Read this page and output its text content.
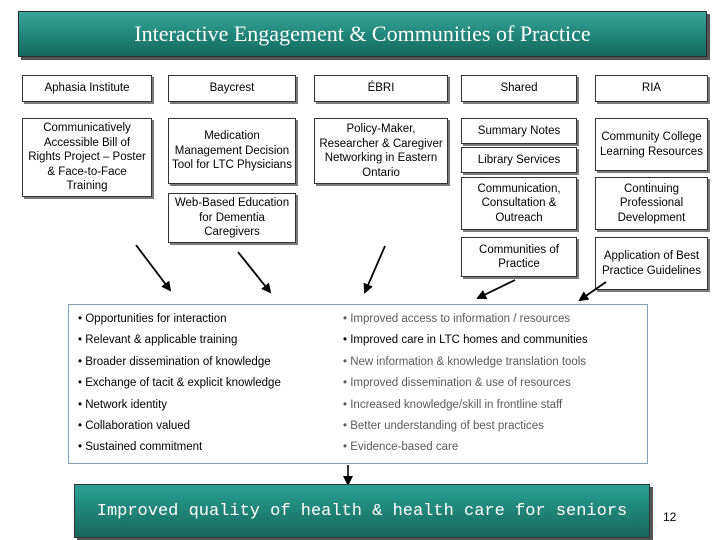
Interactive Engagement & Communities of Practice
Aphasia Institute	Baycrest	ÉBRI	Shared	RIA
Communicatively Accessible Bill of Rights Project – Poster & Face-to-Face Training
Medication Management Decision Tool for LTC Physicians
Web-Based Education for Dementia Caregivers
Policy-Maker, Researcher & Caregiver Networking in Eastern Ontario
Summary Notes
Library Services
Communication, Consultation & Outreach
Communities of Practice
Community College Learning Resources
Continuing Professional Development
Application of Best Practice Guidelines
• Opportunities for interaction
• Relevant & applicable training
• Broader dissemination of knowledge
• Exchange of tacit & explicit knowledge
• Network identity
• Collaboration valued
• Sustained commitment
• Improved access to information / resources
• Improved care in LTC homes and communities
• New information & knowledge translation tools
• Improved dissemination & use of resources
• Increased knowledge/skill in frontline staff
• Better understanding of best practices
• Evidence-based care
Improved quality of health & health care for seniors	12
